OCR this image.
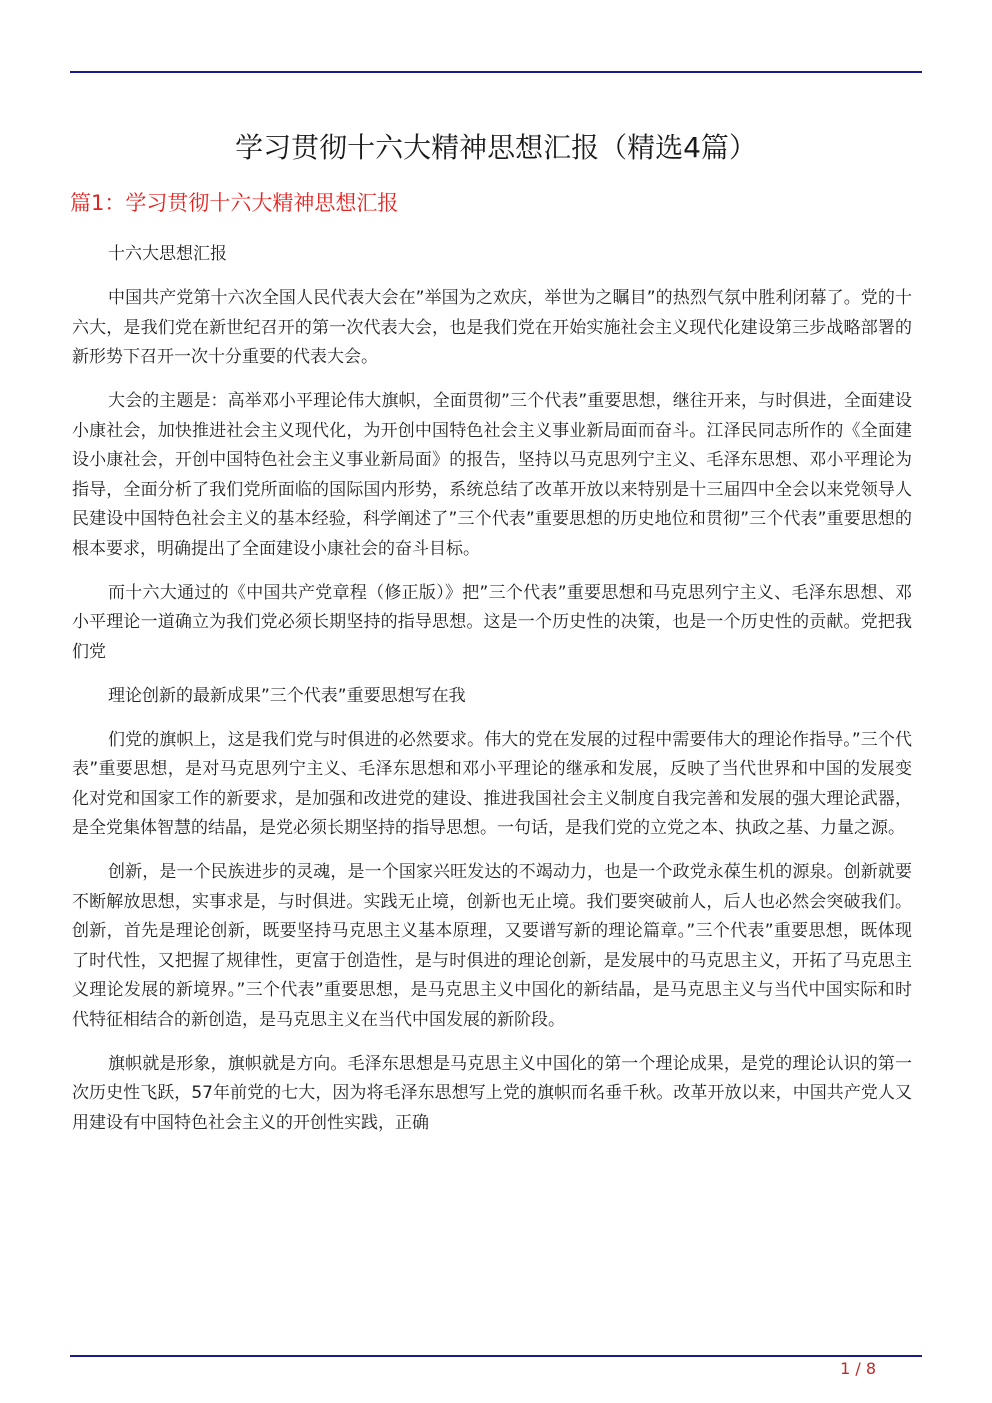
学习贯彻十六大精神思想汇报（精选4篇）
篇1：学习贯彻十六大精神思想汇报

十六大思想汇报

中国共产党第十六次全国人民代表大会在”举国为之欢庆，举世为之瞩目”的热烈气氛中胜利闭幕了。党的十六大，是我们党在新世纪召开的第一次代表大会，也是我们党在开始实施社会主义现代化建设第三步战略部署的新形势下召开一次十分重要的代表大会。

大会的主题是：高举邓小平理论伟大旗帜，全面贯彻”三个代表”重要思想，继往开来，与时俱进，全面建设小康社会，加快推进社会主义现代化，为开创中国特色社会主义事业新局面而奋斗。江泽民同志所作的《全面建设小康社会，开创中国特色社会主义事业新局面》的报告，坚持以马克思列宁主义、毛泽东思想、邓小平理论为指导，全面分析了我们党所面临的国际国内形势，系统总结了改革开放以来特别是十三届四中全会以来党领导人民建设中国特色社会主义的基本经验，科学阐述了”三个代表”重要思想的历史地位和贯彻”三个代表”重要思想的根本要求，明确提出了全面建设小康社会的奋斗目标。

而十六大通过的《中国共产党章程（修正版）》把”三个代表”重要思想和马克思列宁主义、毛泽东思想、邓小平理论一道确立为我们党必须长期坚持的指导思想。这是一个历史性的决策，也是一个历史性的贡献。党把我们党

理论创新的最新成果”三个代表”重要思想写在我

们党的旗帜上，这是我们党与时俱进的必然要求。伟大的党在发展的过程中需要伟大的理论作指导。”三个代表”重要思想，是对马克思列宁主义、毛泽东思想和邓小平理论的继承和发展，反映了当代世界和中国的发展变化对党和国家工作的新要求，是加强和改进党的建设、推进我国社会主义制度自我完善和发展的强大理论武器，是全党集体智慧的结晶，是党必须长期坚持的指导思想。一句话，是我们党的立党之本、执政之基、力量之源。

创新，是一个民族进步的灵魂，是一个国家兴旺发达的不竭动力，也是一个政党永葆生机的源泉。创新就要不断解放思想，实事求是，与时俱进。实践无止境，创新也无止境。我们要突破前人，后人也必然会突破我们。创新，首先是理论创新，既要坚持马克思主义基本原理，又要谱写新的理论篇章。”三个代表”重要思想，既体现了时代性，又把握了规律性，更富于创造性，是与时俱进的理论创新，是发展中的马克思主义，开拓了马克思主义理论发展的新境界。”三个代表”重要思想，是马克思主义中国化的新结晶，是马克思主义与当代中国实际和时代特征相结合的新创造，是马克思主义在当代中国发展的新阶段。

旗帜就是形象，旗帜就是方向。毛泽东思想是马克思主义中国化的第一个理论成果，是党的理论认识的第一次历史性飞跃，57年前党的七大，因为将毛泽东思想写上党的旗帜而名垂千秋。改革开放以来，中国共产党人又用建设有中国特色社会主义的开创性实践，正确

1 / 8
